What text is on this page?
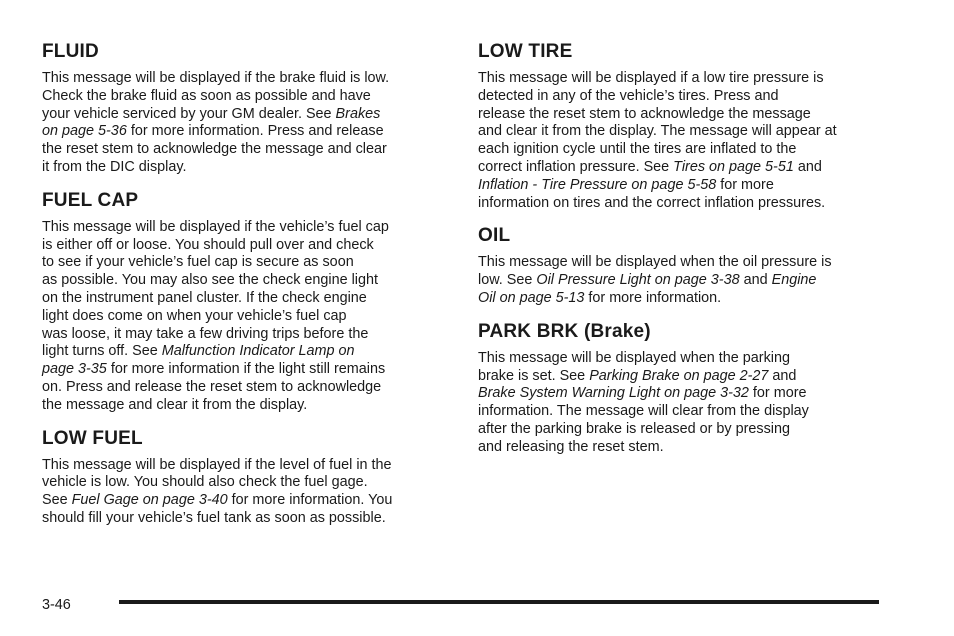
FLUID
This message will be displayed if the brake fluid is low.
Check the brake fluid as soon as possible and have
your vehicle serviced by your GM dealer. See Brakes
on page 5-36 for more information. Press and release
the reset stem to acknowledge the message and clear
it from the DIC display.
FUEL CAP
This message will be displayed if the vehicle’s fuel cap
is either off or loose. You should pull over and check
to see if your vehicle’s fuel cap is secure as soon
as possible. You may also see the check engine light
on the instrument panel cluster. If the check engine
light does come on when your vehicle’s fuel cap
was loose, it may take a few driving trips before the
light turns off. See Malfunction Indicator Lamp on
page 3-35 for more information if the light still remains
on. Press and release the reset stem to acknowledge
the message and clear it from the display.
LOW FUEL
This message will be displayed if the level of fuel in the
vehicle is low. You should also check the fuel gage.
See Fuel Gage on page 3-40 for more information. You
should fill your vehicle’s fuel tank as soon as possible.
LOW TIRE
This message will be displayed if a low tire pressure is
detected in any of the vehicle’s tires. Press and
release the reset stem to acknowledge the message
and clear it from the display. The message will appear at
each ignition cycle until the tires are inflated to the
correct inflation pressure. See Tires on page 5-51 and
Inflation - Tire Pressure on page 5-58 for more
information on tires and the correct inflation pressures.
OIL
This message will be displayed when the oil pressure is
low. See Oil Pressure Light on page 3-38 and Engine
Oil on page 5-13 for more information.
PARK BRK (Brake)
This message will be displayed when the parking
brake is set. See Parking Brake on page 2-27 and
Brake System Warning Light on page 3-32 for more
information. The message will clear from the display
after the parking brake is released or by pressing
and releasing the reset stem.
3-46
